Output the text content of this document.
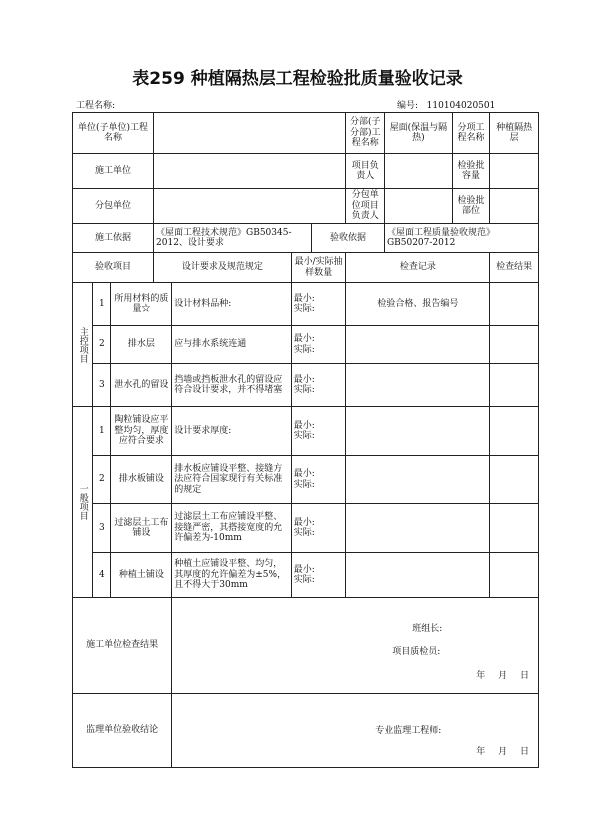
表259 种植隔热层工程检验批质量验收记录
工程名称:	编号: 110104020501
单位(子单位)工程名称							分部(子分部)工程名称	屋面(保温与隔热)	分项工程名称	种植隔热层
施工单位							项目负责人		检验批容量	
分包单位							分包单位项目负责人		检验批部位	
施工依据			《屋面工程技术规范》GB50345-2012、设计要求			验收依据		《屋面工程质量验收规范》GB50207-2012		
验收项目			设计要求及规范规定		最小/实际抽样数量		检查记录			检查结果
主控项目	1	所用材料的质量☆		设计材料品种:	最小:
实际:		检验合格、报告编号			
	2	排水层		应与排水系统连通	最小:
实际:					
	3	泄水孔的留设		挡墙或挡板泄水孔的留设应符合设计要求，并不得堵塞	最小:
实际:					
一般项目	1	陶粒铺设应平整均匀，厚度应符合要求		设计要求厚度:	最小:
实际:					
	2	排水板铺设		排水板应铺设平整、接缝方法应符合国家现行有关标准的规定	最小:
实际:					
	3	过滤层土工布铺设		过滤层土工布应铺设平整、接缝严密，其搭接宽度的允许偏差为-10mm	最小:
实际:					
	4	种植土铺设		种植土应铺设平整、均匀，其厚度的允许偏差为±5%，且不得大于30mm	最小:
实际:					
施工单位检查结果				班组长:
项目质检员:
年 月 日						

监理单位验收结论				专业监理工程师:
年 月 日						
